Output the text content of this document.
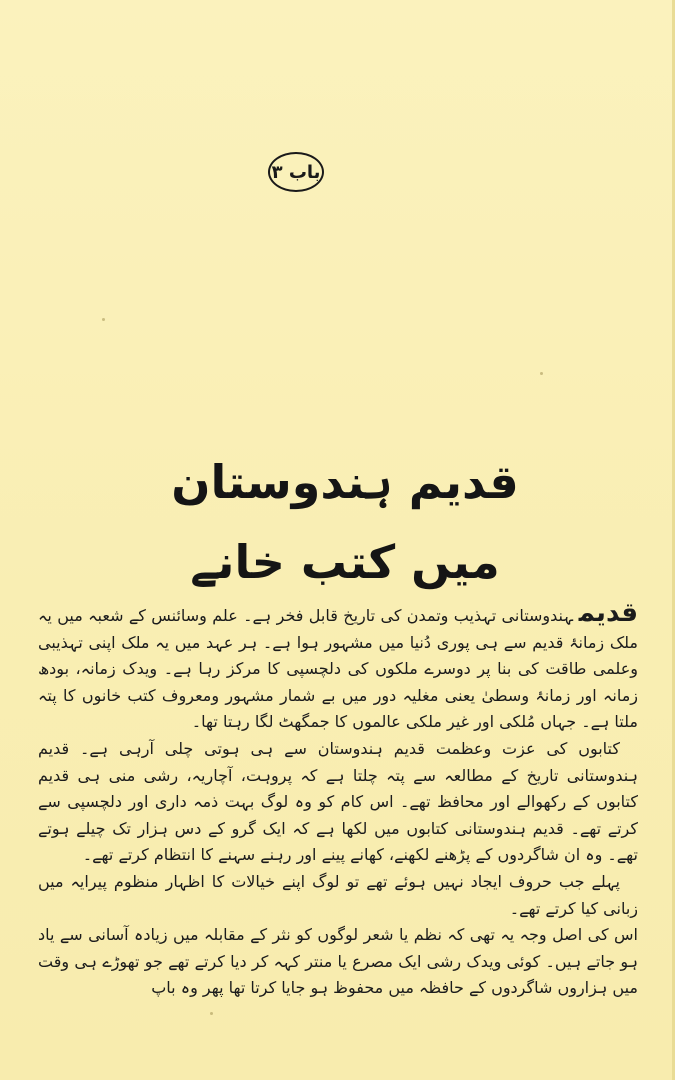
باب ۳
قدیم ہندوستان میں کتب خانے

قدیمہندوستانی تہذیب وتمدن کی تاریخ قابل فخر ہے۔ علم وسائنس کے شعبہ میں یہ ملک زمانۂ قدیم سے ہی پوری دُنیا میں مشہور ہوا ہے۔ ہر عہد میں یہ ملک اپنی تہذیبی وعلمی طاقت کی بنا پر دوسرے ملکوں کی دلچسپی کا مرکز رہا ہے۔ ویدک زمانہ، بودھ زمانہ اور زمانۂ وسطیٰ یعنی مغلیہ دور میں بے شمار مشہور ومعروف کتب خانوں کا پتہ ملتا ہے۔ جہاں مُلکی اور غیر ملکی عالموں کا جمگھٹ لگا رہتا تھا۔

کتابوں کی عزت وعظمت قدیم ہندوستان سے ہی ہوتی چلی آرہی ہے۔ قدیم ہندوستانی تاریخ کے مطالعہ سے پتہ چلتا ہے کہ پروہت، آچاریہ، رشی منی ہی قدیم کتابوں کے رکھوالے اور محافظ تھے۔ اس کام کو وہ لوگ بہت ذمہ داری اور دلچسپی سے کرتے تھے۔ قدیم ہندوستانی کتابوں میں لکھا ہے کہ ایک گرو کے دس ہزار تک چیلے ہوتے تھے۔ وہ ان شاگردوں کے پڑھنے لکھنے، کھانے پینے اور رہنے سہنے کا انتظام کرتے تھے۔

پہلے جب حروف ایجاد نہیں ہوئے تھے تو لوگ اپنے خیالات کا اظہار منظوم پیرایہ میں زبانی کیا کرتے تھے۔

اس کی اصل وجہ یہ تھی کہ نظم یا شعر لوگوں کو نثر کے مقابلہ میں زیادہ آسانی سے یاد ہو جاتے ہیں۔ کوئی ویدک رشی ایک مصرع یا منتر کہہ کر دیا کرتے تھے جو تھوڑے ہی وقت میں ہزاروں شاگردوں کے حافظہ میں محفوظ ہو جایا کرتا تھا پھر وہ باپ
